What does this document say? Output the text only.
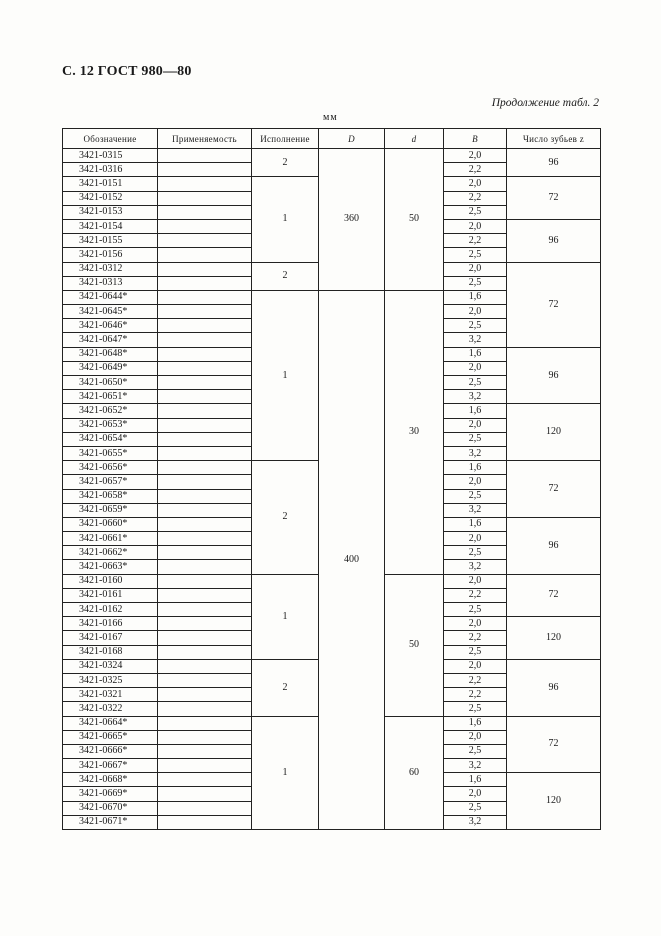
С. 12 ГОСТ 980—80
Продолжение табл. 2
мм
Обозначение	Применяемость	Исполнение	D	d	B	Число зубьев z
3421-0315		2	360	50	2,0	96
3421-0316					2,2	
3421-0151		1			2,0	72
3421-0152					2,2	
3421-0153					2,5	
3421-0154					2,0	96
3421-0155					2,2	
3421-0156					2,5	
3421-0312		2			2,0	72
3421-0313					2,5	
3421-0644*		1	400	30	1,6	
3421-0645*					2,0	
3421-0646*					2,5	
3421-0647*					3,2	
3421-0648*					1,6	96
3421-0649*					2,0	
3421-0650*					2,5	
3421-0651*					3,2	
3421-0652*					1,6	120
3421-0653*					2,0	
3421-0654*					2,5	
3421-0655*					3,2	
3421-0656*		2			1,6	72
3421-0657*					2,0	
3421-0658*					2,5	
3421-0659*					3,2	
3421-0660*					1,6	96
3421-0661*					2,0	
3421-0662*					2,5	
3421-0663*					3,2	
3421-0160		1		50	2,0	72
3421-0161					2,2	
3421-0162					2,5	
3421-0166					2,0	120
3421-0167					2,2	
3421-0168					2,5	
3421-0324		2			2,0	96
3421-0325					2,2	
3421-0321					2,2	
3421-0322					2,5	
3421-0664*		1		60	1,6	72
3421-0665*					2,0	
3421-0666*					2,5	
3421-0667*					3,2	
3421-0668*					1,6	120
3421-0669*					2,0	
3421-0670*					2,5	
3421-0671*					3,2	
